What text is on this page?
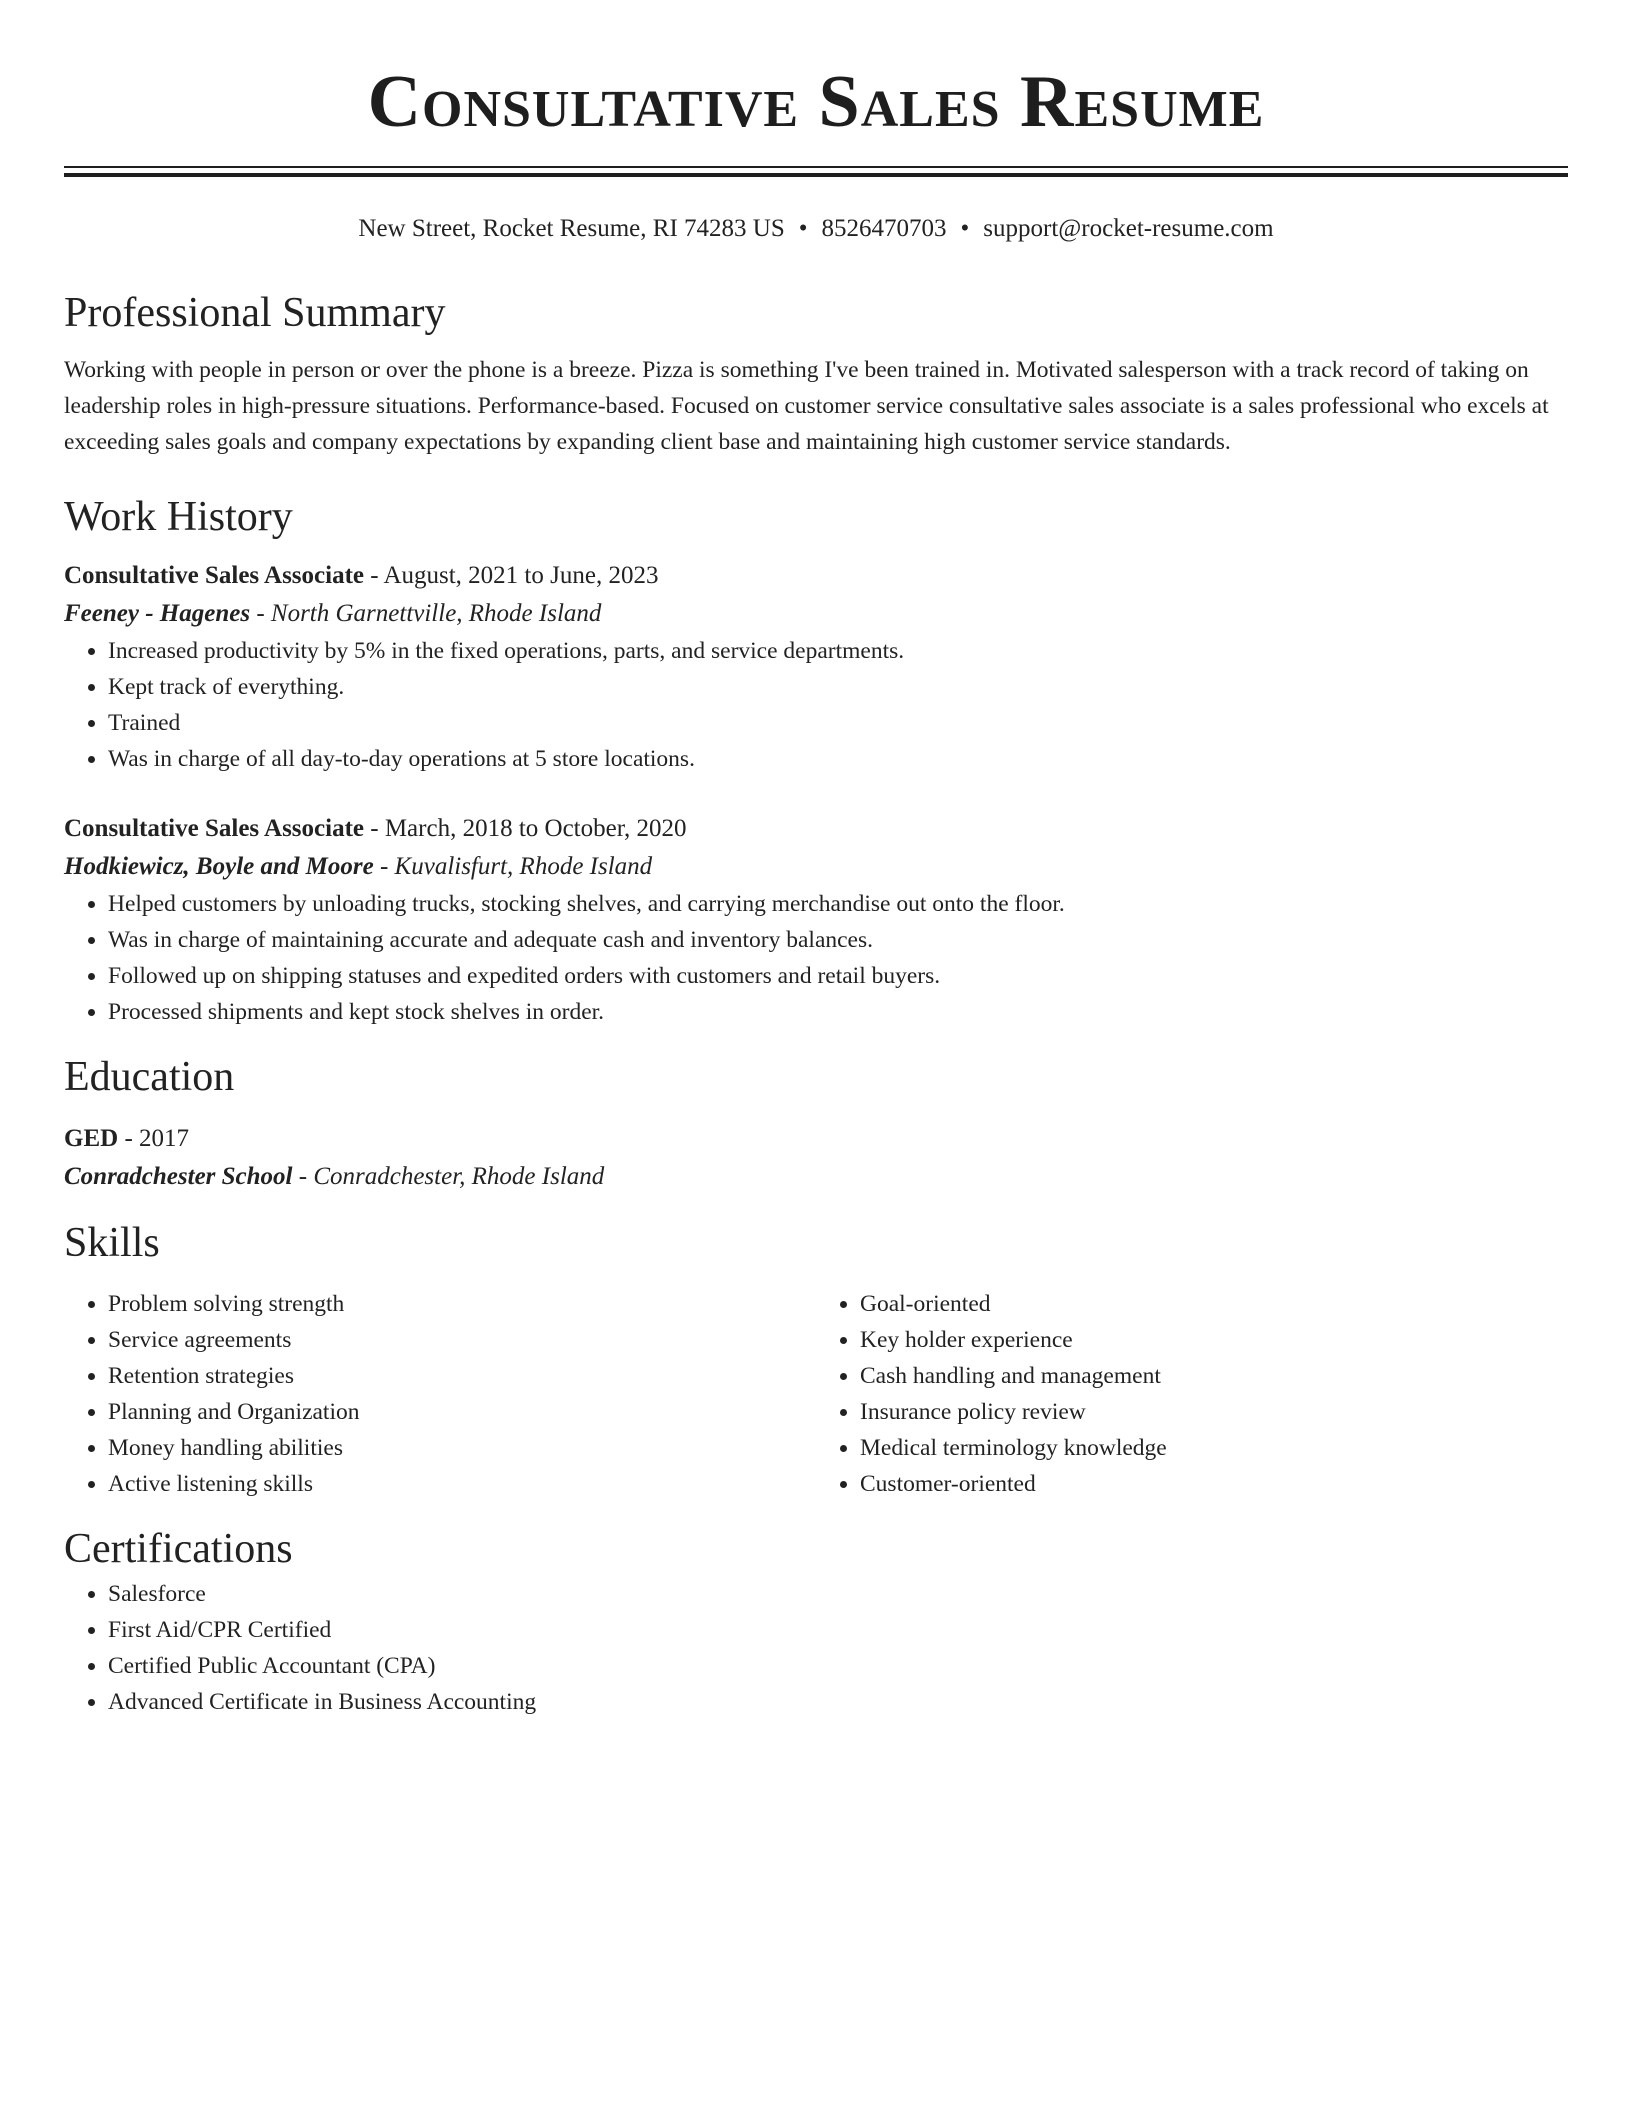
Consultative Sales Resume
New Street, Rocket Resume, RI 74283 US • 8526470703 • support@rocket-resume.com
Professional Summary
Working with people in person or over the phone is a breeze. Pizza is something I've been trained in. Motivated salesperson with a track record of taking on leadership roles in high-pressure situations. Performance-based. Focused on customer service consultative sales associate is a sales professional who excels at exceeding sales goals and company expectations by expanding client base and maintaining high customer service standards.
Work History
Consultative Sales Associate - August, 2021 to June, 2023
Feeney - Hagenes - North Garnettville, Rhode Island
• Increased productivity by 5% in the fixed operations, parts, and service departments.
• Kept track of everything.
• Trained
• Was in charge of all day-to-day operations at 5 store locations.
Consultative Sales Associate - March, 2018 to October, 2020
Hodkiewicz, Boyle and Moore - Kuvalisfurt, Rhode Island
• Helped customers by unloading trucks, stocking shelves, and carrying merchandise out onto the floor.
• Was in charge of maintaining accurate and adequate cash and inventory balances.
• Followed up on shipping statuses and expedited orders with customers and retail buyers.
• Processed shipments and kept stock shelves in order.
Education
GED - 2017
Conradchester School - Conradchester, Rhode Island
Skills
• Problem solving strength
• Service agreements
• Retention strategies
• Planning and Organization
• Money handling abilities
• Active listening skills
• Goal-oriented
• Key holder experience
• Cash handling and management
• Insurance policy review
• Medical terminology knowledge
• Customer-oriented
Certifications
• Salesforce
• First Aid/CPR Certified
• Certified Public Accountant (CPA)
• Advanced Certificate in Business Accounting
